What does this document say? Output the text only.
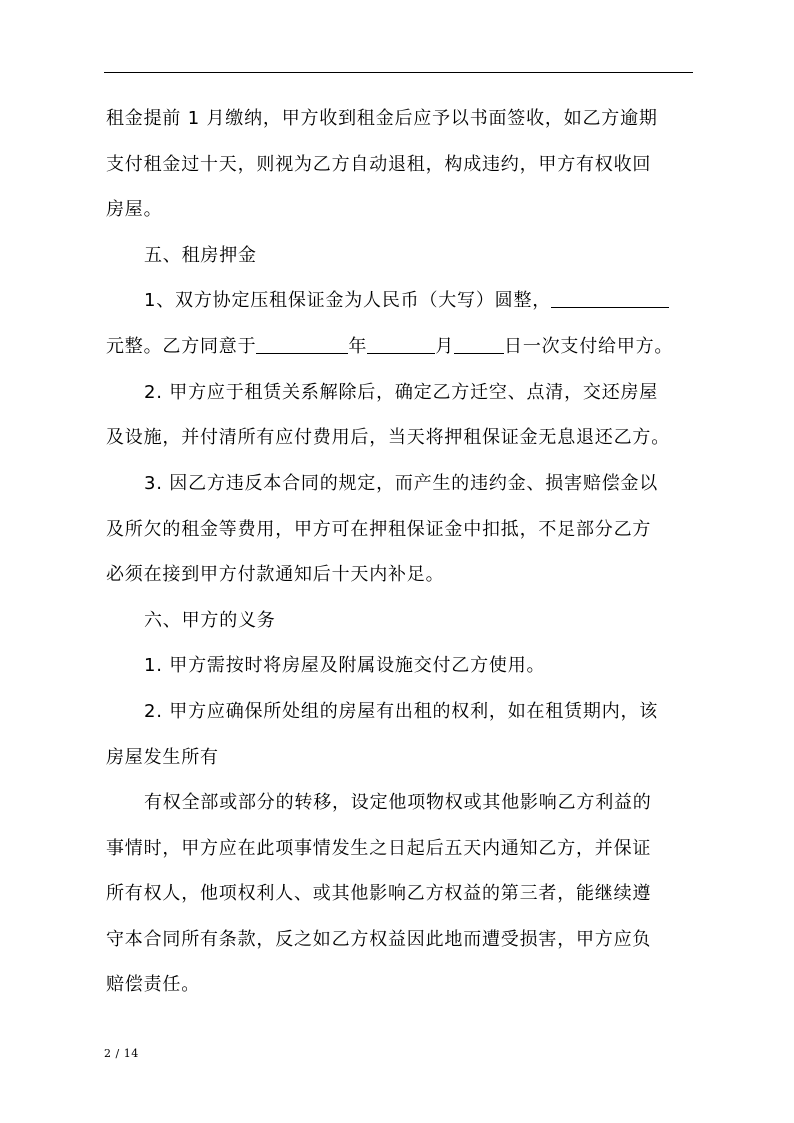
租金提前 1 月缴纳，甲方收到租金后应予以书面签收，如乙方逾期
支付租金过十天，则视为乙方自动退租，构成违约，甲方有权收回
房屋。
五、租房押金
1、双方协定压租保证金为人民币（大写）圆整，
元整。乙方同意于	年	月	日一次支付给甲方。
2. 甲方应于租赁关系解除后，确定乙方迁空、点清，交还房屋
及设施，并付清所有应付费用后，当天将押租保证金无息退还乙方。
3. 因乙方违反本合同的规定，而产生的违约金、损害赔偿金以
及所欠的租金等费用，甲方可在押租保证金中扣抵，不足部分乙方
必须在接到甲方付款通知后十天内补足。
六、甲方的义务
1. 甲方需按时将房屋及附属设施交付乙方使用。
2. 甲方应确保所处组的房屋有出租的权利，如在租赁期内，该
房屋发生所有
有权全部或部分的转移，设定他项物权或其他影响乙方利益的
事情时，甲方应在此项事情发生之日起后五天内通知乙方，并保证
所有权人，他项权利人、或其他影响乙方权益的第三者，能继续遵
守本合同所有条款，反之如乙方权益因此地而遭受损害，甲方应负
赔偿责任。
2 / 14
